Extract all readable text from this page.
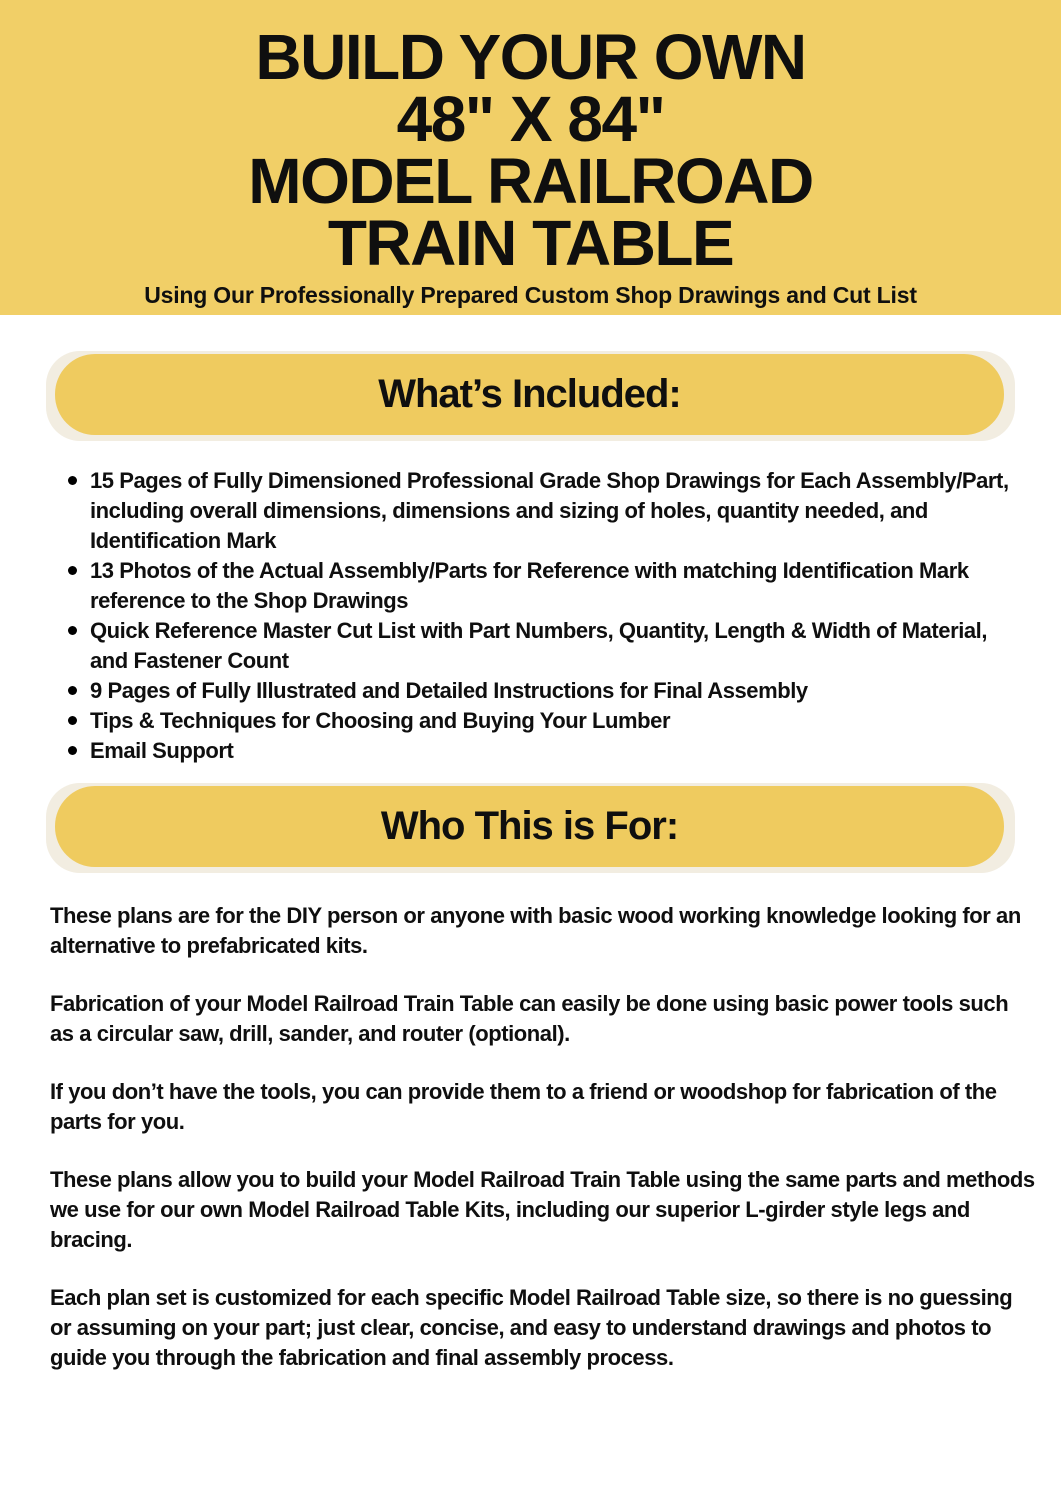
BUILD YOUR OWN
48" X 84"
MODEL RAILROAD
TRAIN TABLE
Using Our Professionally Prepared Custom Shop Drawings and Cut List
What’s Included:
15 Pages of Fully Dimensioned Professional Grade Shop Drawings for Each Assembly/Part, including overall dimensions, dimensions and sizing of holes, quantity needed, and Identification Mark
13 Photos of the Actual Assembly/Parts for Reference with matching Identification Mark reference to the Shop Drawings
Quick Reference Master Cut List with Part Numbers, Quantity, Length & Width of Material, and Fastener Count
9 Pages of Fully Illustrated and Detailed Instructions for Final Assembly
Tips & Techniques for Choosing and Buying Your Lumber
Email Support
Who This is For:

These plans are for the DIY person or anyone with basic wood working knowledge looking for an alternative to prefabricated kits.

Fabrication of your Model Railroad Train Table can easily be done using basic power tools such as a circular saw, drill, sander, and router (optional).

If you don’t have the tools, you can provide them to a friend or woodshop for fabrication of the parts for you.

These plans allow you to build your Model Railroad Train Table using the same parts and methods we use for our own Model Railroad Table Kits, including our superior L-girder style legs and bracing.

Each plan set is customized for each specific Model Railroad Table size, so there is no guessing or assuming on your part; just clear, concise, and easy to understand drawings and photos to guide you through the fabrication and final assembly process.
